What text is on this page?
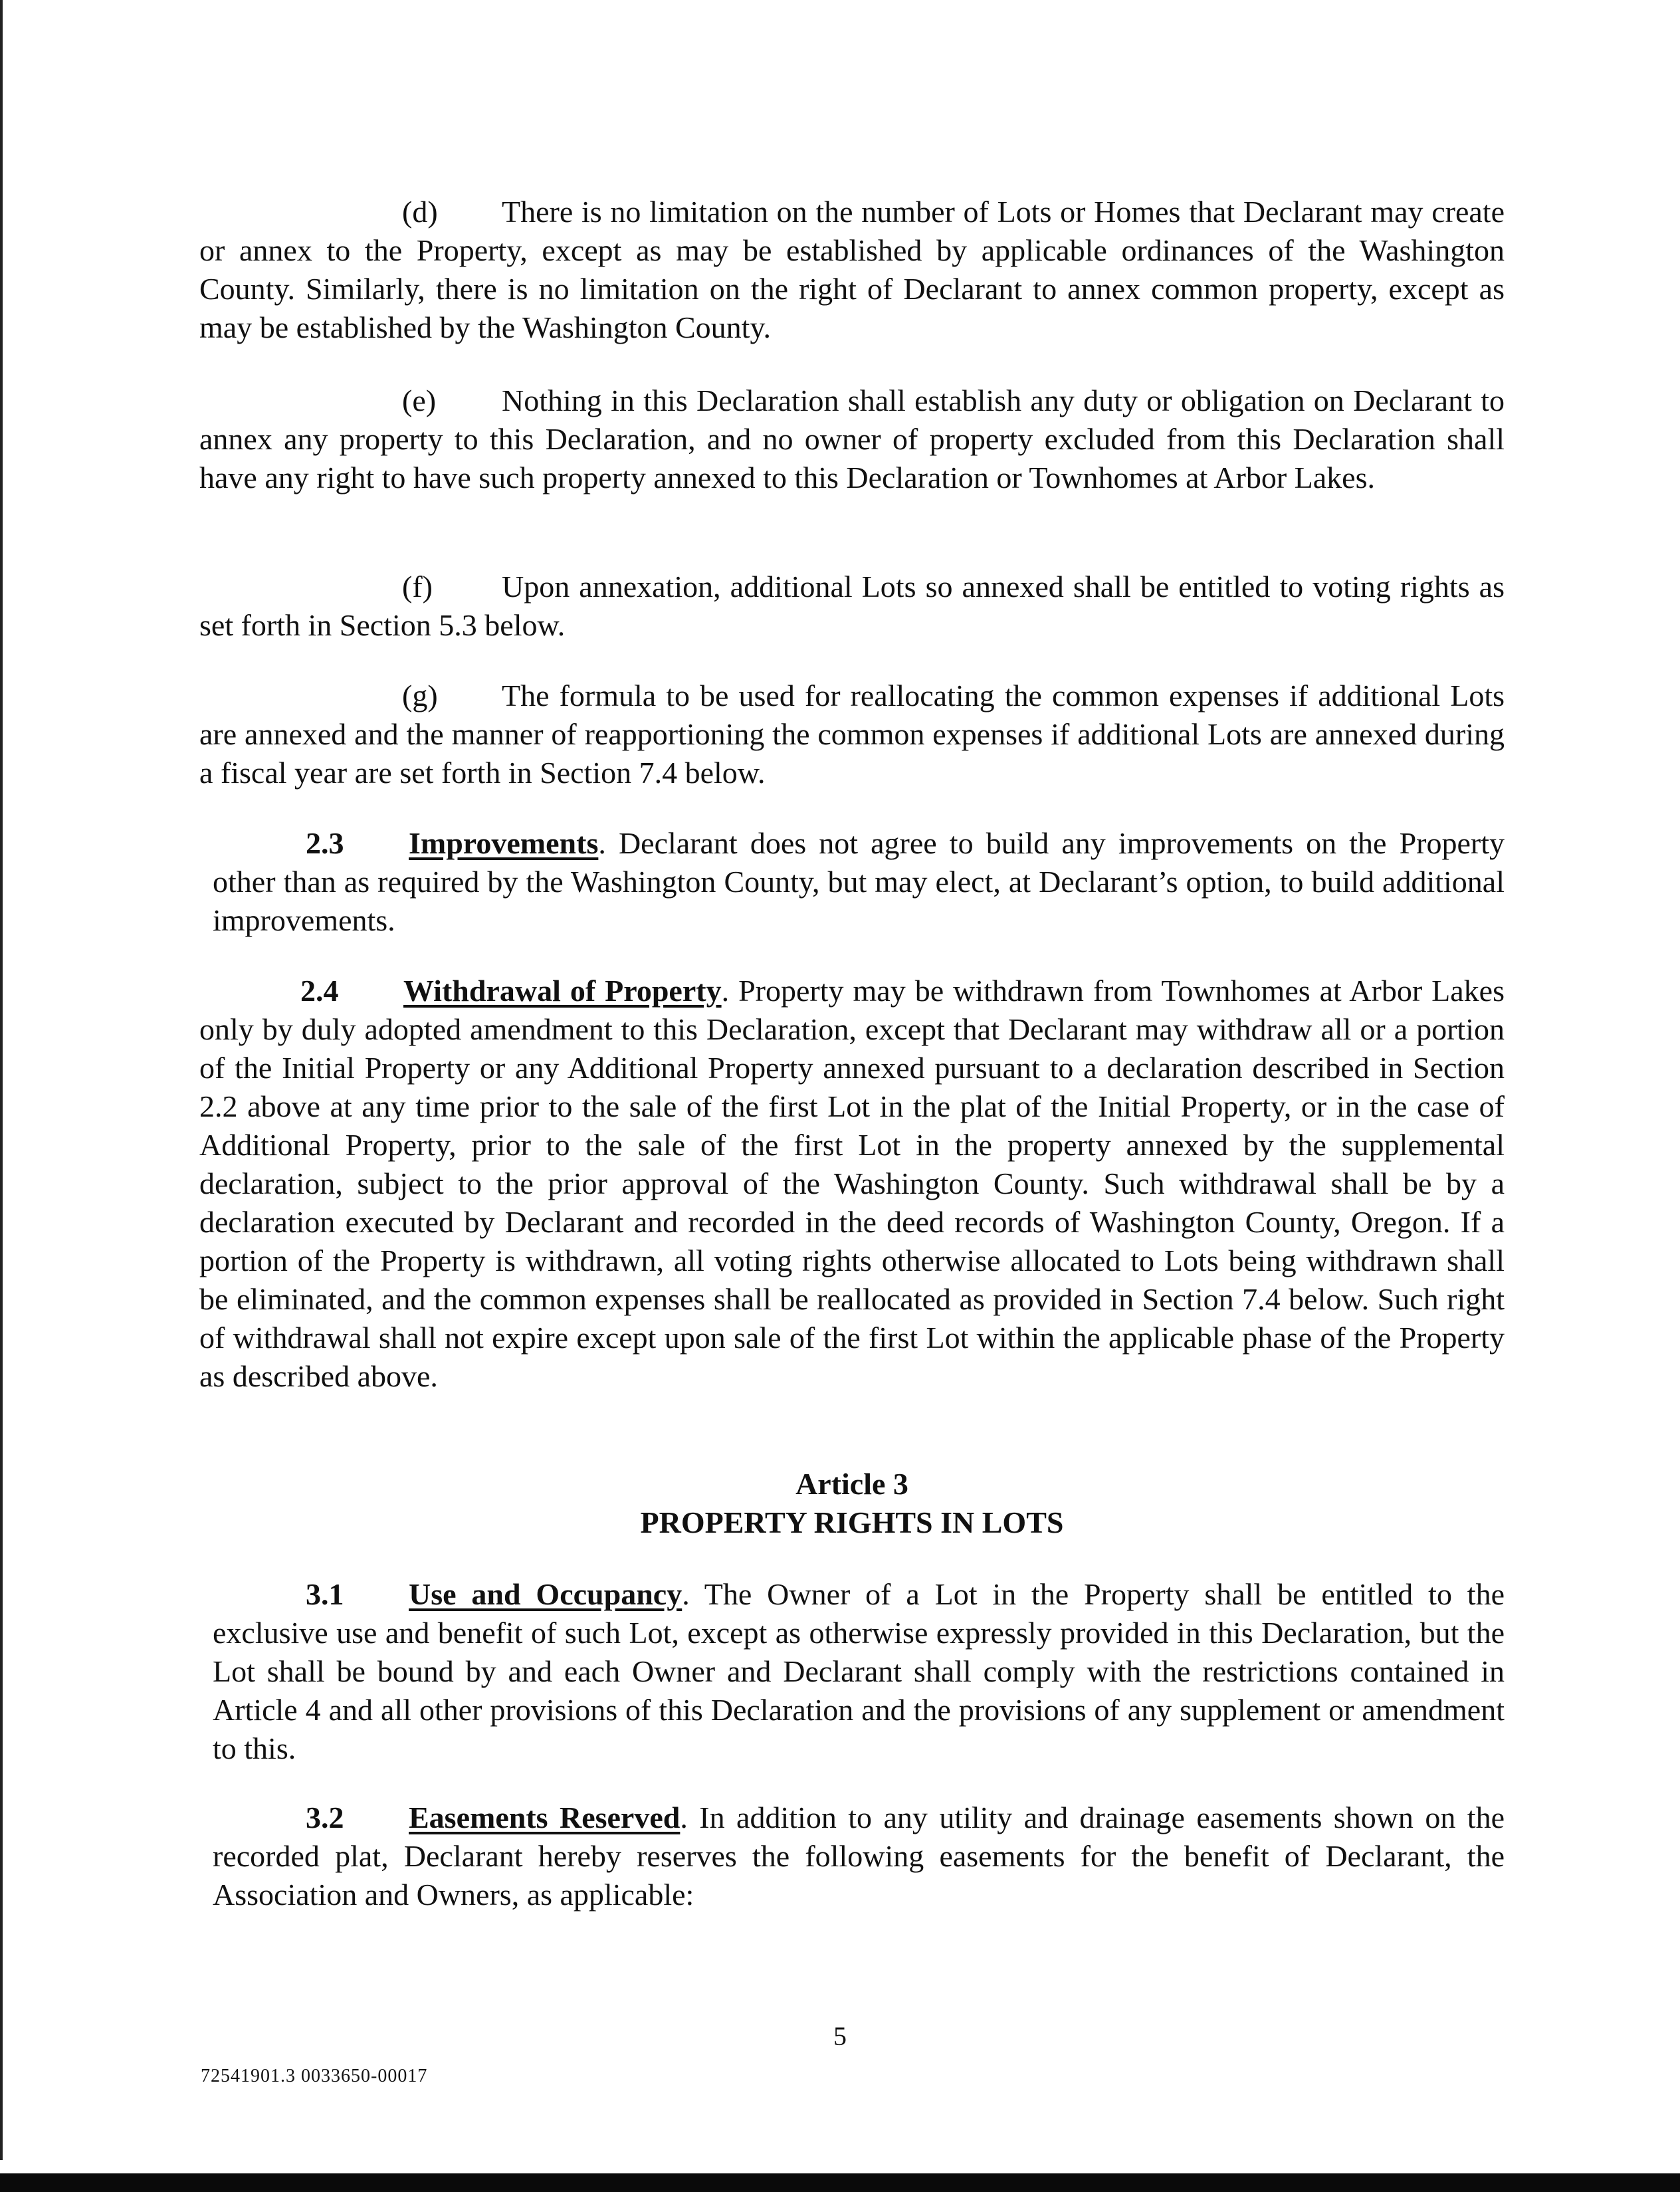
(d) There is no limitation on the number of Lots or Homes that Declarant may create or annex to the Property, except as may be established by applicable ordinances of the Washington County. Similarly, there is no limitation on the right of Declarant to annex common property, except as may be established by the Washington County.
(e) Nothing in this Declaration shall establish any duty or obligation on Declarant to annex any property to this Declaration, and no owner of property excluded from this Declaration shall have any right to have such property annexed to this Declaration or Townhomes at Arbor Lakes.
(f) Upon annexation, additional Lots so annexed shall be entitled to voting rights as set forth in Section 5.3 below.
(g) The formula to be used for reallocating the common expenses if additional Lots are annexed and the manner of reapportioning the common expenses if additional Lots are annexed during a fiscal year are set forth in Section 7.4 below.
2.3 Improvements. Declarant does not agree to build any improvements on the Property other than as required by the Washington County, but may elect, at Declarant’s option, to build additional improvements.
2.4 Withdrawal of Property. Property may be withdrawn from Townhomes at Arbor Lakes only by duly adopted amendment to this Declaration, except that Declarant may withdraw all or a portion of the Initial Property or any Additional Property annexed pursuant to a declaration described in Section 2.2 above at any time prior to the sale of the first Lot in the plat of the Initial Property, or in the case of Additional Property, prior to the sale of the first Lot in the property annexed by the supplemental declaration, subject to the prior approval of the Washington County. Such withdrawal shall be by a declaration executed by Declarant and recorded in the deed records of Washington County, Oregon. If a portion of the Property is withdrawn, all voting rights otherwise allocated to Lots being withdrawn shall be eliminated, and the common expenses shall be reallocated as provided in Section 7.4 below. Such right of withdrawal shall not expire except upon sale of the first Lot within the applicable phase of the Property as described above.
Article 3
PROPERTY RIGHTS IN LOTS
3.1 Use and Occupancy. The Owner of a Lot in the Property shall be entitled to the exclusive use and benefit of such Lot, except as otherwise expressly provided in this Declaration, but the Lot shall be bound by and each Owner and Declarant shall comply with the restrictions contained in Article 4 and all other provisions of this Declaration and the provisions of any supplement or amendment to this.
3.2 Easements Reserved. In addition to any utility and drainage easements shown on the recorded plat, Declarant hereby reserves the following easements for the benefit of Declarant, the Association and Owners, as applicable:
5
72541901.3 0033650-00017
